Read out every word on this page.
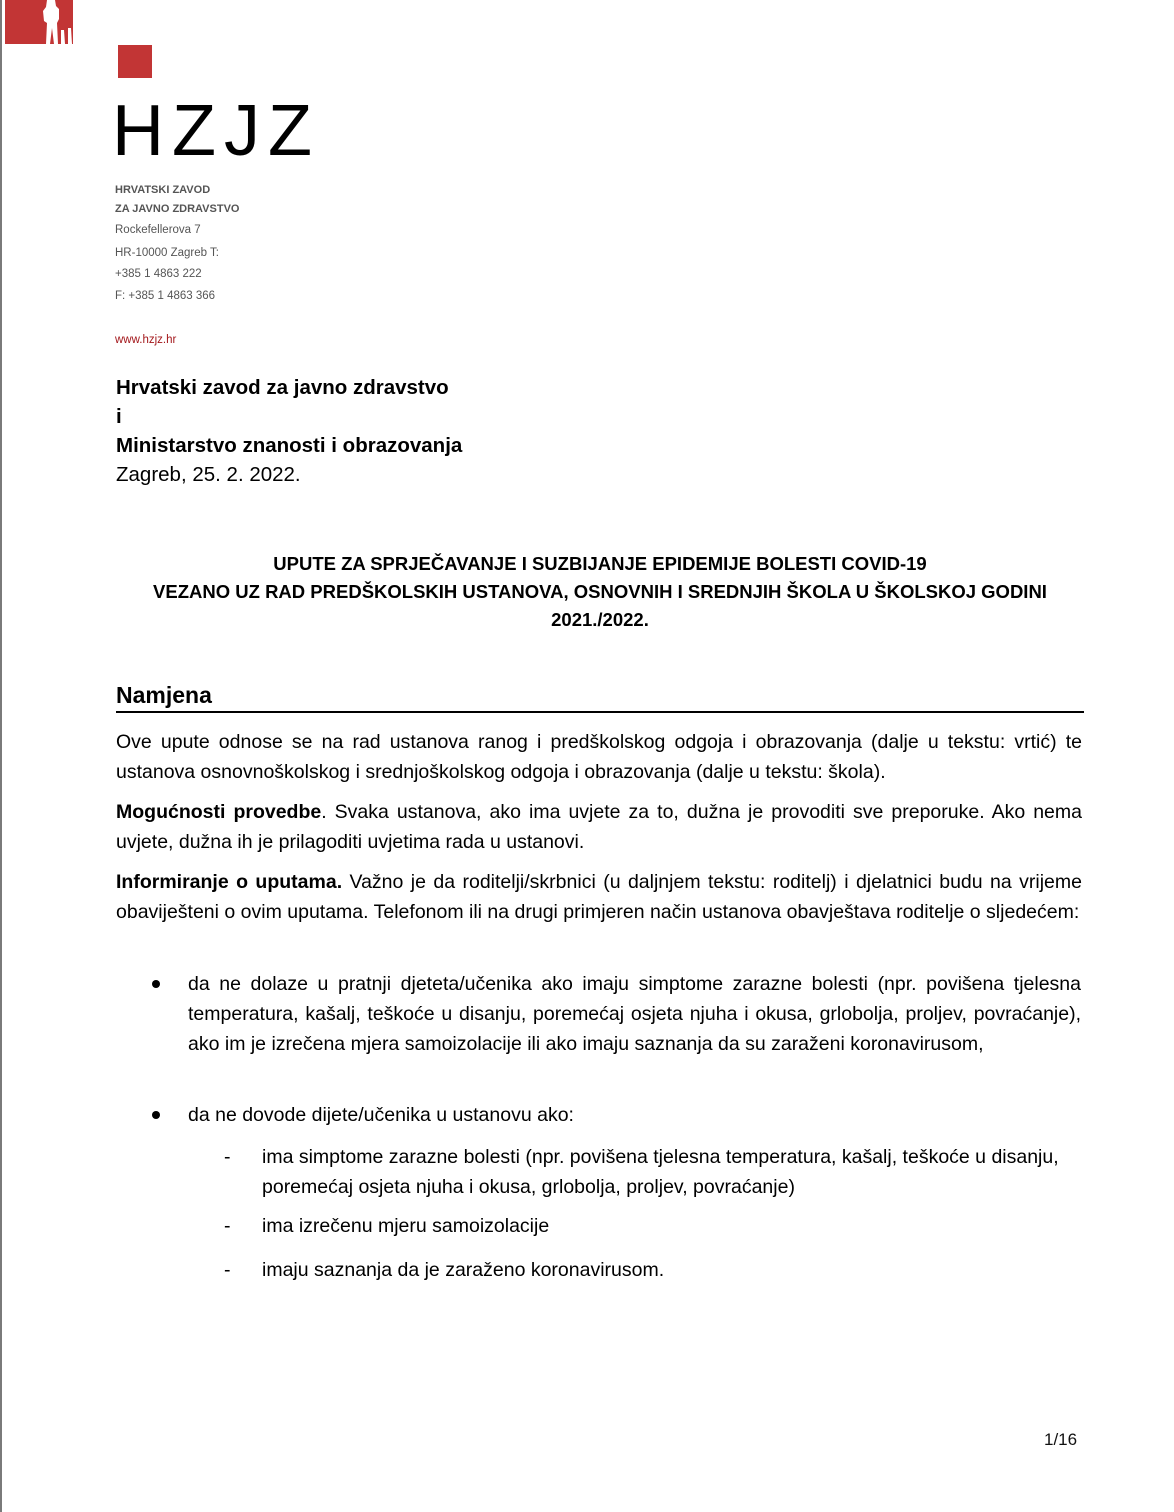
HZJZ
HRVATSKI ZAVOD
ZA JAVNO ZDRAVSTVO
Rockefellerova 7
HR-10000 Zagreb T:
+385 1 4863 222
F: +385 1 4863 366
www.hzjz.hr
Hrvatski zavod za javno zdravstvo
i
Ministarstvo znanosti i obrazovanja
Zagreb, 25. 2. 2022.
UPUTE ZA SPRJEČAVANJE I SUZBIJANJE EPIDEMIJE BOLESTI COVID-19
VEZANO UZ RAD PREDŠKOLSKIH USTANOVA, OSNOVNIH I SREDNJIH ŠKOLA U ŠKOLSKOJ GODINI
2021./2022.
Namjena
Ove upute odnose se na rad ustanova ranog i predškolskog odgoja i obrazovanja (dalje u tekstu: vrtić) te ustanova osnovnoškolskog i srednjoškolskog odgoja i obrazovanja (dalje u tekstu: škola).
Mogućnosti provedbe. Svaka ustanova, ako ima uvjete za to, dužna je provoditi sve preporuke. Ako nema uvjete, dužna ih je prilagoditi uvjetima rada u ustanovi.
Informiranje o uputama. Važno je da roditelji/skrbnici (u daljnjem tekstu: roditelj) i djelatnici budu na vrijeme obaviješteni o ovim uputama. Telefonom ili na drugi primjeren način ustanova obavještava roditelje o sljedećem:
da ne dolaze u pratnji djeteta/učenika ako imaju simptome zarazne bolesti (npr. povišena tjelesna temperatura, kašalj, teškoće u disanju, poremećaj osjeta njuha i okusa, grlobolja, proljev, povraćanje), ako im je izrečena mjera samoizolacije ili ako imaju saznanja da su zaraženi koronavirusom,
da ne dovode dijete/učenika u ustanovu ako:
- ima simptome zarazne bolesti (npr. povišena tjelesna temperatura, kašalj, teškoće u disanju, poremećaj osjeta njuha i okusa, grlobolja, proljev, povraćanje)
- ima izrečenu mjeru samoizolacije
- imaju saznanja da je zaraženo koronavirusom.
1/16
